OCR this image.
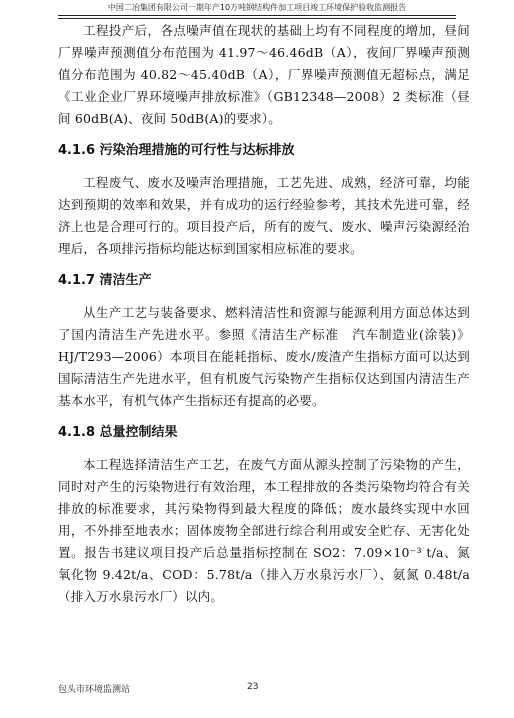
中国二冶集团有限公司一期年产10万吨钢结构件加工项目竣工环境保护验收监测报告

工程投产后，各点噪声值在现状的基础上均有不同程度的增加，昼间厂界噪声预测值分布范围为 41.97～46.46dB（A），夜间厂界噪声预测值分布范围为 40.82～45.40dB（A），厂界噪声预测值无超标点，满足《工业企业厂界环境噪声排放标准》（GB12348—2008）2 类标准（昼间 60dB(A)、夜间 50dB(A)的要求）。

4.1.6 污染治理措施的可行性与达标排放

工程废气、废水及噪声治理措施，工艺先进、成熟，经济可靠，均能达到预期的效率和效果，并有成功的运行经验参考，其技术先进可靠，经济上也是合理可行的。项目投产后，所有的废气、废水、噪声污染源经治理后，各项排污指标均能达标到国家相应标准的要求。

4.1.7 清洁生产

从生产工艺与装备要求、燃料清洁性和资源与能源利用方面总体达到了国内清洁生产先进水平。参照《清洁生产标准　汽车制造业(涂装)》HJ/T293—2006）本项目在能耗指标、废水/废渣产生指标方面可以达到国际清洁生产先进水平，但有机废气污染物产生指标仅达到国内清洁生产基本水平，有机气体产生指标还有提高的必要。

4.1.8 总量控制结果

本工程选择清洁生产工艺，在废气方面从源头控制了污染物的产生，同时对产生的污染物进行有效治理，本工程排放的各类污染物均符合有关排放的标准要求，其污染物得到最大程度的降低；废水最终实现中水回用，不外排至地表水；固体废物全部进行综合利用或安全贮存、无害化处置。报告书建议项目投产后总量指标控制在 SO2：7.09×10⁻³ t/a、氮氧化物 9.42t/a、COD：5.78t/a（排入万水泉污水厂）、氨氮 0.48t/a（排入万水泉污水厂）以内。

包头市环境监测站	23
